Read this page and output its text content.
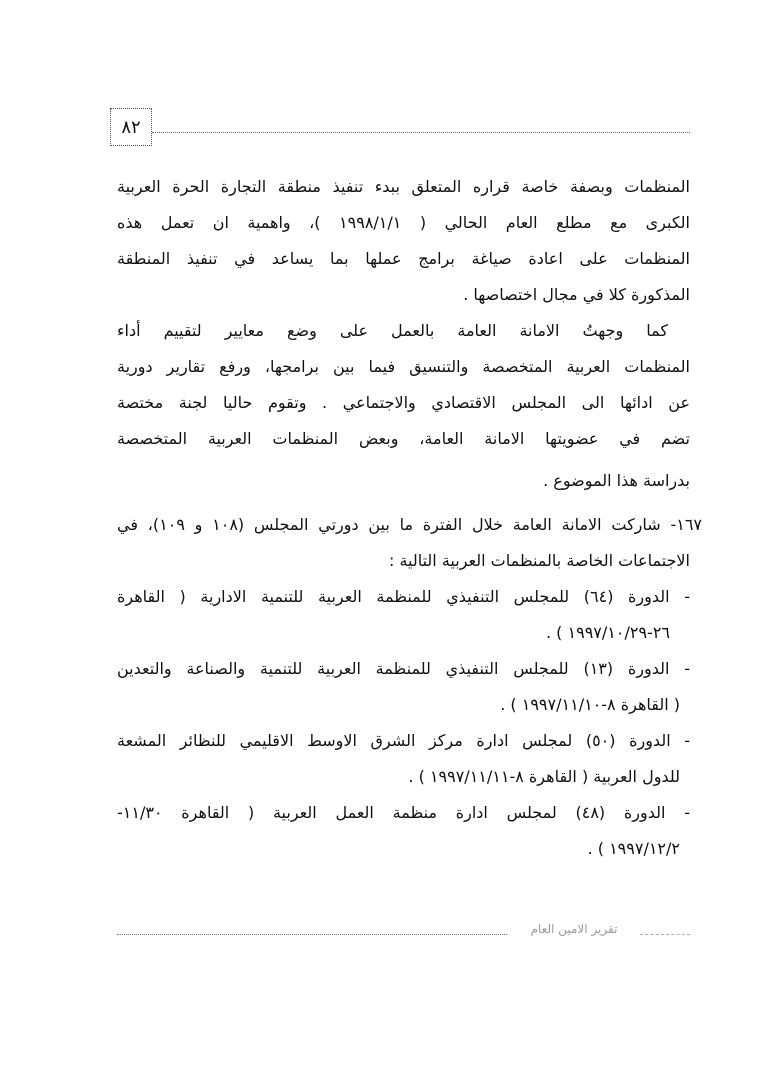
٨٢
المنظمات وبصفة خاصة قراره المتعلق ببدء تنفيذ منطقة التجارة الحرة العربية
الكبرى مع مطلع العام الحالي ( ١٩٩٨/١/١ )، واهمية ان تعمل هذه
المنظمات على اعادة صياغة برامج عملها بما يساعد في تنفيذ المنطقة
المذكورة كلا في مجال اختصاصها .
كما وجهتُ الامانة العامة بالعمل على وضع معايير لتقييم أداء
المنظمات العربية المتخصصة والتنسيق فيما بين برامجها، ورفع تقارير دورية
عن ادائها الى المجلس الاقتصادي والاجتماعي . وتقوم حاليا لجنة مختصة
تضم في عضويتها الامانة العامة، وبعض المنظمات العربية المتخصصة
بدراسة هذا الموضوع .
١٦٧- شاركت الامانة العامة خلال الفترة ما بين دورتي المجلس (١٠٨ و ١٠٩)، في
الاجتماعات الخاصة بالمنظمات العربية التالية :
- الدورة (٦٤) للمجلس التنفيذي للمنظمة العربية للتنمية الادارية ( القاهرة
٢٦-١٩٩٧/١٠/٢٩ ) .
- الدورة (١٣) للمجلس التنفيذي للمنظمة العربية للتنمية والصناعة والتعدين
( القاهرة ٨-١٩٩٧/١١/١٠ ) .
- الدورة (٥٠) لمجلس ادارة مركز الشرق الاوسط الاقليمي للنظائر المشعة
للدول العربية ( القاهرة ٨-١٩٩٧/١١/١١ ) .
- الدورة (٤٨) لمجلس ادارة منظمة العمل العربية ( القاهرة ١١/٣٠-
١٩٩٧/١٢/٢ ) .
تقرير الامين العام
